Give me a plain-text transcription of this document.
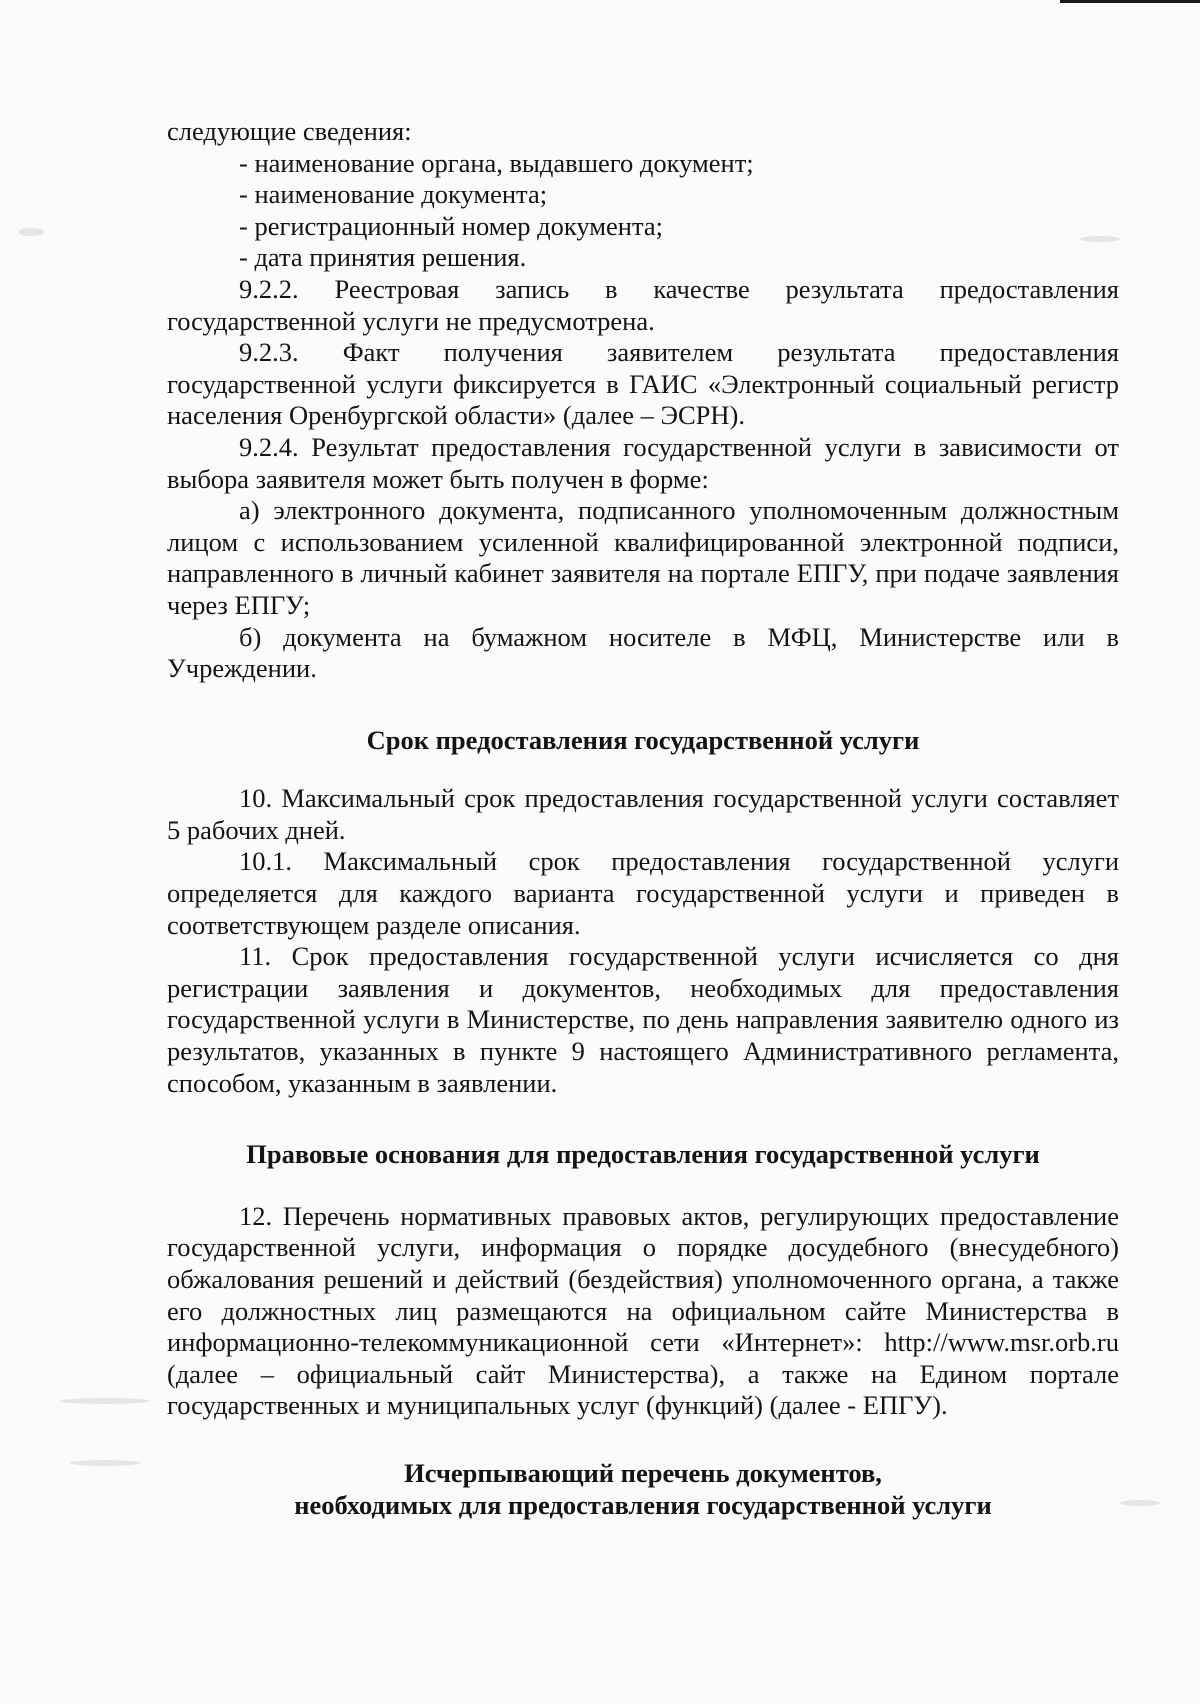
следующие сведения:

- наименование органа, выдавшего документ;

- наименование документа;

- регистрационный номер документа;

- дата принятия решения.

9.2.2. Реестровая запись в качестве результата предоставления государственной услуги не предусмотрена.

9.2.3. Факт получения заявителем результата предоставления государственной услуги фиксируется в ГАИС «Электронный социальный регистр населения Оренбургской области» (далее – ЭСРН).

9.2.4. Результат предоставления государственной услуги в зависимости от выбора заявителя может быть получен в форме:

а) электронного документа, подписанного уполномоченным должностным лицом с использованием усиленной квалифицированной электронной подписи, направленного в личный кабинет заявителя на портале ЕПГУ, при подаче заявления через ЕПГУ;

б) документа на бумажном носителе в МФЦ, Министерстве или в Учреждении.

Срок предоставления государственной услуги

10. Максимальный срок предоставления государственной услуги составляет 5 рабочих дней.

10.1. Максимальный срок предоставления государственной услуги определяется для каждого варианта государственной услуги и приведен в соответствующем разделе описания.

11. Срок предоставления государственной услуги исчисляется со дня регистрации заявления и документов, необходимых для предоставления государственной услуги в Министерстве, по день направления заявителю одного из результатов, указанных в пункте 9 настоящего Административного регламента, способом, указанным в заявлении.

Правовые основания для предоставления государственной услуги

12. Перечень нормативных правовых актов, регулирующих предоставление государственной услуги, информация о порядке досудебного (внесудебного) обжалования решений и действий (бездействия) уполномоченного органа, а также его должностных лиц размещаются на официальном сайте Министерства в информационно-телекоммуникационной сети «Интернет»: http://www.msr.orb.ru (далее – официальный сайт Министерства), а также на Едином портале государственных и муниципальных услуг (функций) (далее - ЕПГУ).

Исчерпывающий перечень документов,

необходимых для предоставления государственной услуги
